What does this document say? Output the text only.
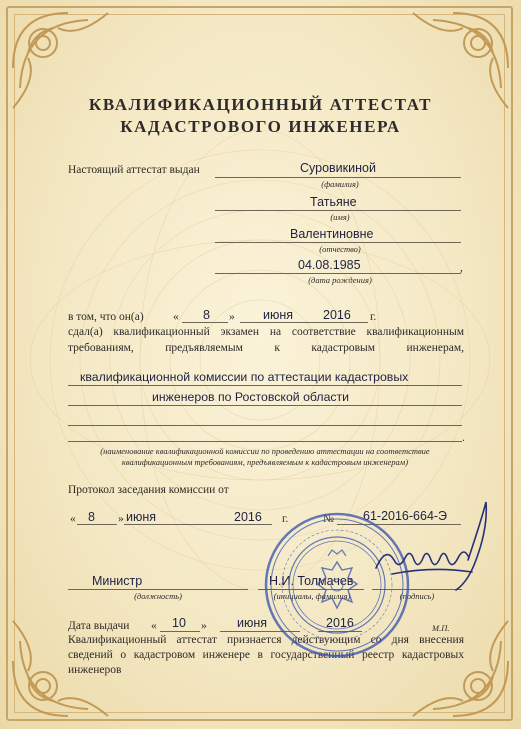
КВАЛИФИКАЦИОННЫЙ АТТЕСТАТ
КАДАСТРОВОГО ИНЖЕНЕРА
Настоящий аттестат выдан	Суровикиной
(фамилия)
Татьяне
(имя)
Валентиновне
(отчество)
04.08.1985	,
(дата рождения)
в том, что он(а)	« 8 » июня 2016 г.
сдал(а) квалификационный экзамен на соответствие квалификационным
требованиям, предъявляемым к кадастровым инженерам,
квалификационной комиссии по аттестации кадастровых
инженеров по Ростовской области
.
(наименование квалификационной комиссии по проведению аттестации на соответствие
квалификационным требованиям, предъявляемым к кадастровым инженерам)
Протокол заседания комиссии от
« 8 » июня	2016 г.	№ 61-2016-664-Э
Министр
(должность)
Н.И. Толмачев
(инициалы, фамилия)	(подпись)
Дата выдачи « 10 » июня	2016	М.П.
Квалификационный аттестат признается действующим со дня внесения сведений о кадастровом инженере в государственный реестр кадастровых инженеров
